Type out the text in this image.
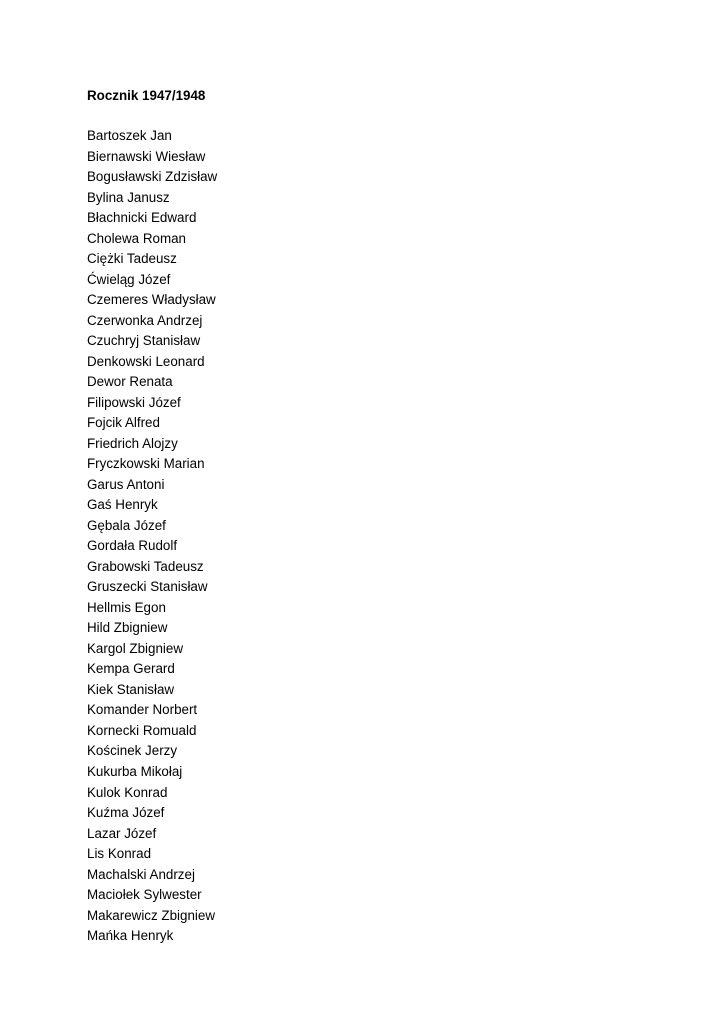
Rocznik 1947/1948
Bartoszek Jan
Biernawski Wiesław
Bogusławski Zdzisław
Bylina Janusz
Błachnicki Edward
Cholewa Roman
Ciężki Tadeusz
Ćwieląg Józef
Czemeres Władysław
Czerwonka Andrzej
Czuchryj Stanisław
Denkowski Leonard
Dewor Renata
Filipowski Józef
Fojcik Alfred
Friedrich Alojzy
Fryczkowski Marian
Garus Antoni
Gaś Henryk
Gębala Józef
Gordała Rudolf
Grabowski Tadeusz
Gruszecki Stanisław
Hellmis Egon
Hild Zbigniew
Kargol Zbigniew
Kempa Gerard
Kiek Stanisław
Komander Norbert
Kornecki Romuald
Kościnek Jerzy
Kukurba Mikołaj
Kulok Konrad
Kuźma Józef
Lazar Józef
Lis Konrad
Machalski Andrzej
Maciołek Sylwester
Makarewicz Zbigniew
Mańka Henryk
